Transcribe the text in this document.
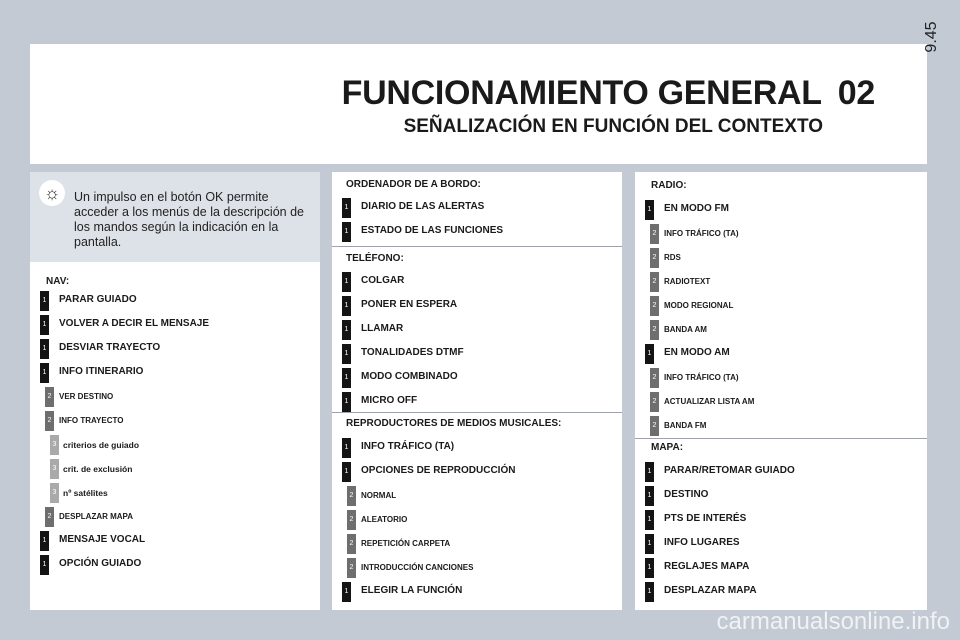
FUNCIONAMIENTO GENERAL 02
SEÑALIZACIÓN EN FUNCIÓN DEL CONTEXTO
9.45
☼	Un impulso en el botón OK permite acceder a los menús de la descripción de los mandos según la indicación en la pantalla.
NAV:
1 PARAR GUIADO
1 VOLVER A DECIR EL MENSAJE
1 DESVIAR TRAYECTO
1 INFO ITINERARIO
2 VER DESTINO
2 INFO TRAYECTO
3 criterios de guiado
3 crit. de exclusión
3 nº satélites
2 DESPLAZAR MAPA
1 MENSAJE VOCAL
1 OPCIÓN GUIADO
ORDENADOR DE A BORDO:
1 DIARIO DE LAS ALERTAS
1 ESTADO DE LAS FUNCIONES
TELÉFONO:
1 COLGAR
1 PONER EN ESPERA
1 LLAMAR
1 TONALIDADES DTMF
1 MODO COMBINADO
1 MICRO OFF
REPRODUCTORES DE MEDIOS MUSICALES:
1 INFO TRÁFICO (TA)
1 OPCIONES DE REPRODUCCIÓN
2 NORMAL
2 ALEATORIO
2 REPETICIÓN CARPETA
2 INTRODUCCIÓN CANCIONES
1 ELEGIR LA FUNCIÓN
RADIO:
1 EN MODO FM
2 INFO TRÁFICO (TA)
2 RDS
2 RADIOTEXT
2 MODO REGIONAL
2 BANDA AM
1 EN MODO AM
2 INFO TRÁFICO (TA)
2 ACTUALIZAR LISTA AM
2 BANDA FM
MAPA:
1 PARAR/RETOMAR GUIADO
1 DESTINO
1 PTS DE INTERÉS
1 INFO LUGARES
1 REGLAJES MAPA
1 DESPLAZAR MAPA
carmanualsonline.info
